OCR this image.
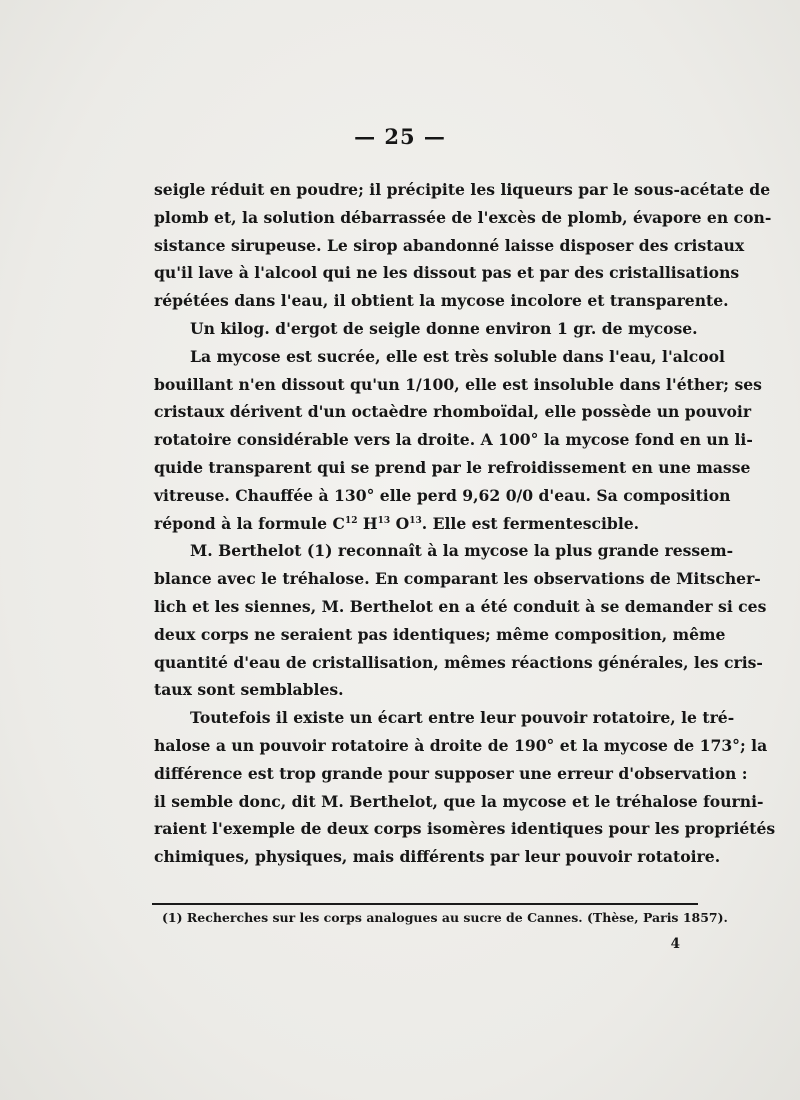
— 25 —
seigle réduit en poudre; il précipite les liqueurs par le sous-acétate de
plomb et, la solution débarrassée de l'excès de plomb, évapore en con-
sistance sirupeuse. Le sirop abandonné laisse disposer des cristaux
qu'il lave à l'alcool qui ne les dissout pas et par des cristallisations
répétées dans l'eau, il obtient la mycose incolore et transparente.
Un kilog. d'ergot de seigle donne environ 1 gr. de mycose.
La mycose est sucrée, elle est très soluble dans l'eau, l'alcool
bouillant n'en dissout qu'un 1/100, elle est insoluble dans l'éther; ses
cristaux dérivent d'un octaèdre rhomboïdal, elle possède un pouvoir
rotatoire considérable vers la droite. A 100° la mycose fond en un li-
quide transparent qui se prend par le refroidissement en une masse
vitreuse. Chauffée à 130° elle perd 9,62 0/0 d'eau. Sa composition
répond à la formule $C^{12}$ $H^{13}$ $O^{13}$. Elle est fermentescible.
M. Berthelot (1) reconnaît à la mycose la plus grande ressem-
blance avec le tréhalose. En comparant les observations de Mitscher-
lich et les siennes, M. Berthelot en a été conduit à se demander si ces
deux corps ne seraient pas identiques; même composition, même
quantité d'eau de cristallisation, mêmes réactions générales, les cris-
taux sont semblables.
Toutefois il existe un écart entre leur pouvoir rotatoire, le tré-
halose a un pouvoir rotatoire à droite de 190° et la mycose de 173°; la
différence est trop grande pour supposer une erreur d'observation :
il semble donc, dit M. Berthelot, que la mycose et le tréhalose fourni-
raient l'exemple de deux corps isomères identiques pour les propriétés
chimiques, physiques, mais différents par leur pouvoir rotatoire.
(1) Recherches sur les corps analogues au sucre de Cannes. (Thèse, Paris 1857).
4
